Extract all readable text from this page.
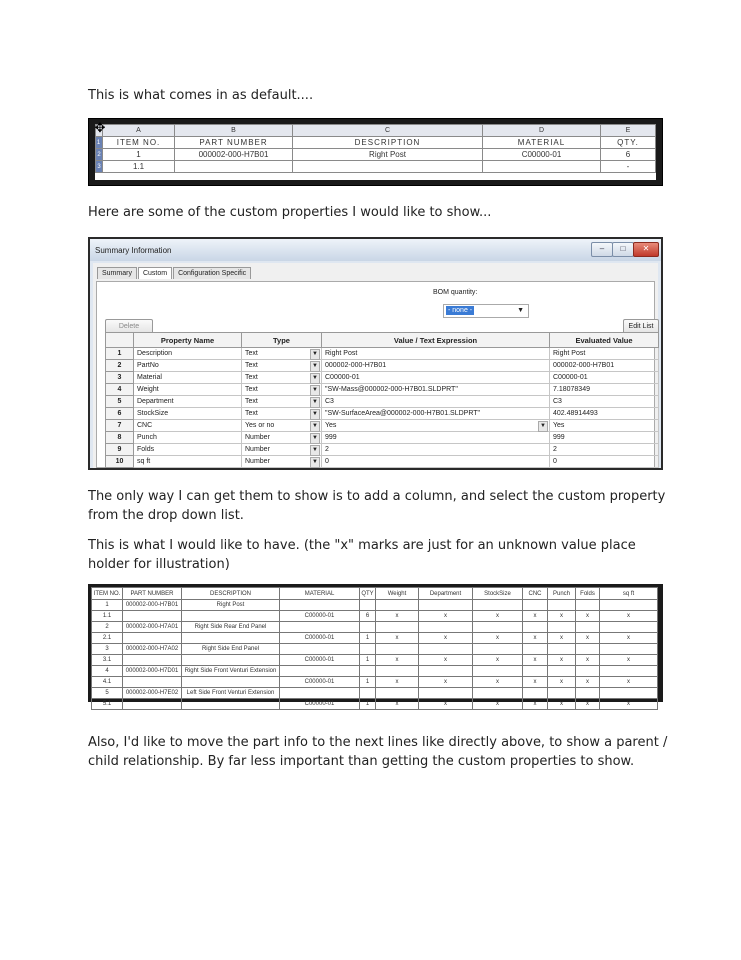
This is what comes in as default....
✥
		A	B	C	D	E
1	ITEM NO.	PART NUMBER	DESCRIPTION	MATERIAL	QTY.
2	1	000002-000-H7B01	Right Post	C00000-01	6
3	1.1				-
Here are some of the custom properties I would like to show...
Summary Information	–	□	✕
Summary Custom Configuration Specific
Delete
BOM quantity:
- none -	▼
Edit List
	Property Name	Type	Value / Text Expression	Evaluated Value
1	Description	Text ▼	Right Post	Right Post
2	PartNo	Text ▼	000002-000-H7B01	000002-000-H7B01
3	Material	Text ▼	C00000-01	C00000-01
4	Weight	Text ▼	"SW-Mass@000002-000-H7B01.SLDPRT"	7.18078349
5	Department	Text ▼	C3	C3
6	StockSize	Text ▼	"SW-SurfaceArea@000002-000-H7B01.SLDPRT"	402.48914493
7	CNC	Yes or no ▼	Yes ▼	Yes
8	Punch	Number ▼	999	999
9	Folds	Number ▼	2	2
10	sq ft	Number ▼	0	0
The only way I can get them to show is to add a column, and select the custom property from the drop down list.
This is what I would like to have. (the "x" marks are just for an unknown value place holder for illustration)
ITEM NO.	PART NUMBER	DESCRIPTION	MATERIAL	QTY	Weight	Department	StockSize	CNC	Punch	Folds	sq ft
1	000002-000-H7B01	Right Post									
1.1			C00000-01	6	x	x	x	x	x	x	x
2	000002-000-H7A01	Right Side Rear End Panel									
2.1			C00000-01	1	x	x	x	x	x	x	x
3	000002-000-H7A02	Right Side End Panel									
3.1			C00000-01	1	x	x	x	x	x	x	x
4	000002-000-H7D01	Right Side Front Venturi Extension									
4.1			C00000-01	1	x	x	x	x	x	x	x
5	000002-000-H7E02	Left Side Front Venturi Extension									
5.1			C00000-01	1	x	x	x	x	x	x	x
Also, I'd like to move the part info to the next lines like directly above, to show a parent / child relationship. By far less important than getting the custom properties to show.
